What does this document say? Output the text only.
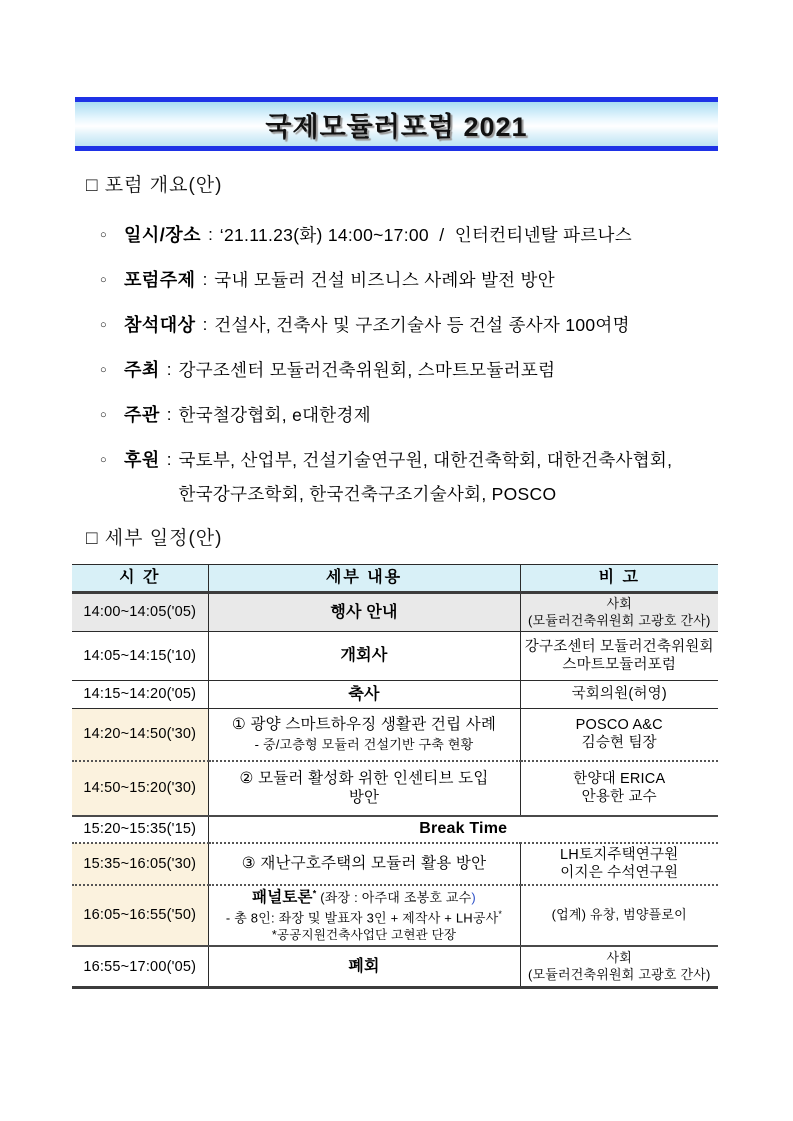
국제모듈러포럼 2021
□ 포럼 개요(안)
○ 일시/장소 : ‘21.11.23(화) 14:00~17:00  /  인터컨티넨탈 파르나스
○ 포럼주제 : 국내 모듈러 건설 비즈니스 사례와 발전 방안
○ 참석대상 : 건설사, 건축사 및 구조기술사 등 건설 종사자 100여명
○ 주최 : 강구조센터 모듈러건축위원회, 스마트모듈러포럼
○ 주관 : 한국철강협회, e대한경제
○ 후원 : 국토부, 산업부, 건설기술연구원, 대한건축학회, 대한건축사협회,
한국강구조학회, 한국건축구조기술사회, POSCO
□ 세부 일정(안)
시 간	세부 내용	비 고
14:00~14:05('05)	행사 안내	사회
(모듈러건축위원회 고광호 간사)

14:05~14:15('10)	개회사	강구조센터 모듈러건축위원회
스마트모듈러포럼

14:15~14:20('05)	축사	국회의원(허영)

14:20~14:50('30)	① 광양 스마트하우징 생활관 건립 사례
- 중/고층형 모듈러 건설기반 구축 현황	POSCO A&C
김승현 팀장

14:50~15:20('30)	② 모듈러 활성화 위한 인센티브 도입
방안	한양대 ERICA
안용한 교수

15:20~15:35('15)	Break Time	
15:35~16:05('30)	③ 재난구호주택의 모듈러 활용 방안	LH토지주택연구원
이지은 수석연구원

16:05~16:55('50)	패널토론* (좌장 : 아주대 조봉호 교수)
- 총 8인: 좌장 및 발표자 3인 + 제작사 + LH공사*
*공공지원건축사업단 고현관 단장	(업계) 유창, 범양플로이

16:55~17:00('05)	폐회	사회
(모듈러건축위원회 고광호 간사)
